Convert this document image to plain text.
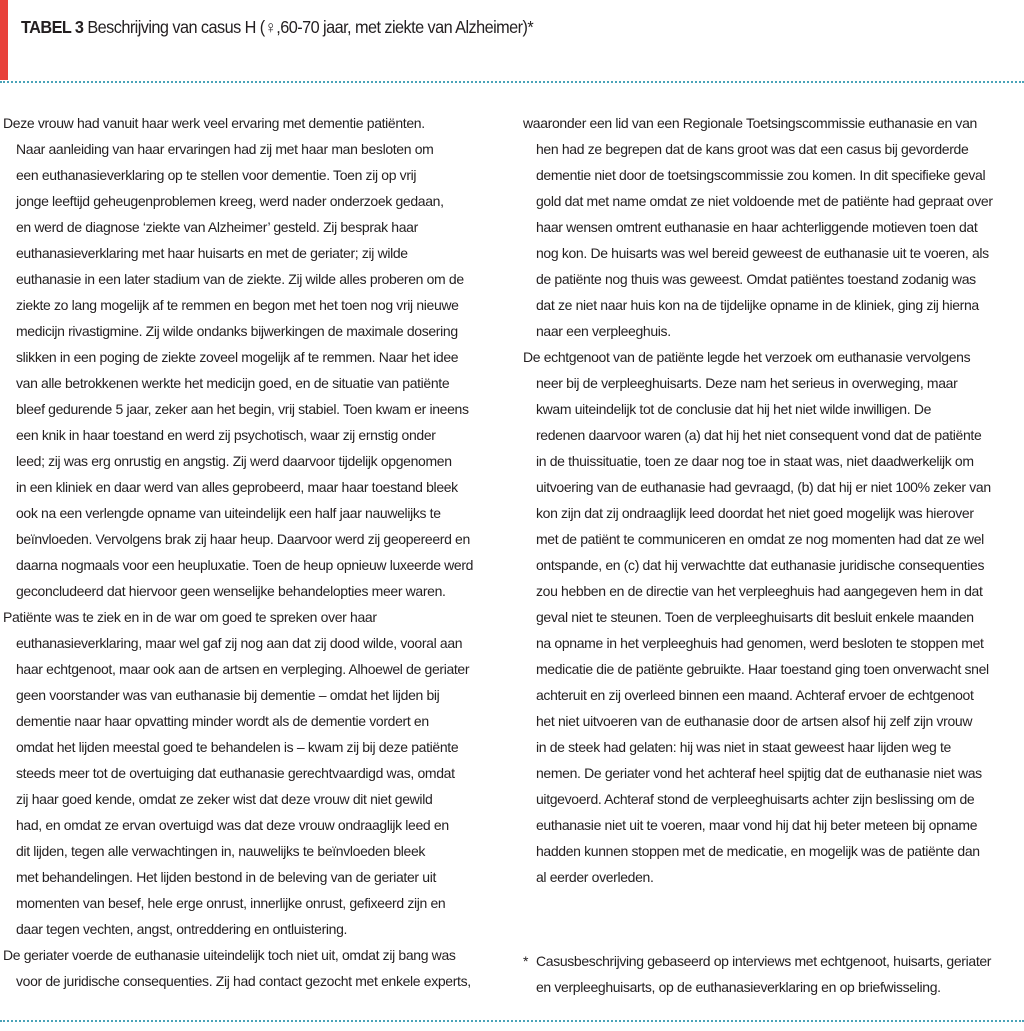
TABEL 3 Beschrijving van casus H (♀,60-70 jaar, met ziekte van Alzheimer)*
Deze vrouw had vanuit haar werk veel ervaring met dementie patiënten.
Naar aanleiding van haar ervaringen had zij met haar man besloten om
een euthanasieverklaring op te stellen voor dementie. Toen zij op vrij
jonge leeftijd geheugenproblemen kreeg, werd nader onderzoek gedaan,
en werd de diagnose ‘ziekte van Alzheimer’ gesteld. Zij besprak haar
euthanasieverklaring met haar huisarts en met de geriater; zij wilde
euthanasie in een later stadium van de ziekte. Zij wilde alles proberen om de
ziekte zo lang mogelijk af te remmen en begon met het toen nog vrij nieuwe
medicijn rivastigmine. Zij wilde ondanks bijwerkingen de maximale dosering
slikken in een poging de ziekte zoveel mogelijk af te remmen. Naar het idee
van alle betrokkenen werkte het medicijn goed, en de situatie van patiënte
bleef gedurende 5 jaar, zeker aan het begin, vrij stabiel. Toen kwam er ineens
een knik in haar toestand en werd zij psychotisch, waar zij ernstig onder
leed; zij was erg onrustig en angstig. Zij werd daarvoor tijdelijk opgenomen
in een kliniek en daar werd van alles geprobeerd, maar haar toestand bleek
ook na een verlengde opname van uiteindelijk een half jaar nauwelijks te
beïnvloeden. Vervolgens brak zij haar heup. Daarvoor werd zij geopereerd en
daarna nogmaals voor een heupluxatie. Toen de heup opnieuw luxeerde werd
geconcludeerd dat hiervoor geen wenselijke behandelopties meer waren.
Patiënte was te ziek en in de war om goed te spreken over haar
euthanasieverklaring, maar wel gaf zij nog aan dat zij dood wilde, vooral aan
haar echtgenoot, maar ook aan de artsen en verpleging. Alhoewel de geriater
geen voorstander was van euthanasie bij dementie – omdat het lijden bij
dementie naar haar opvatting minder wordt als de dementie vordert en
omdat het lijden meestal goed te behandelen is – kwam zij bij deze patiënte
steeds meer tot de overtuiging dat euthanasie gerechtvaardigd was, omdat
zij haar goed kende, omdat ze zeker wist dat deze vrouw dit niet gewild
had, en omdat ze ervan overtuigd was dat deze vrouw ondraaglijk leed en
dit lijden, tegen alle verwachtingen in, nauwelijks te beïnvloeden bleek
met behandelingen. Het lijden bestond in de beleving van de geriater uit
momenten van besef, hele erge onrust, innerlijke onrust, gefixeerd zijn en
daar tegen vechten, angst, ontreddering en ontluistering.
De geriater voerde de euthanasie uiteindelijk toch niet uit, omdat zij bang was
voor de juridische consequenties. Zij had contact gezocht met enkele experts,
waaronder een lid van een Regionale Toetsingscommissie euthanasie en van
hen had ze begrepen dat de kans groot was dat een casus bij gevorderde
dementie niet door de toetsingscommissie zou komen. In dit specifieke geval
gold dat met name omdat ze niet voldoende met de patiënte had gepraat over
haar wensen omtrent euthanasie en haar achterliggende motieven toen dat
nog kon. De huisarts was wel bereid geweest de euthanasie uit te voeren, als
de patiënte nog thuis was geweest. Omdat patiëntes toestand zodanig was
dat ze niet naar huis kon na de tijdelijke opname in de kliniek, ging zij hierna
naar een verpleeghuis.
De echtgenoot van de patiënte legde het verzoek om euthanasie vervolgens
neer bij de verpleeghuisarts. Deze nam het serieus in overweging, maar
kwam uiteindelijk tot de conclusie dat hij het niet wilde inwilligen. De
redenen daarvoor waren (a) dat hij het niet consequent vond dat de patiënte
in de thuissituatie, toen ze daar nog toe in staat was, niet daadwerkelijk om
uitvoering van de euthanasie had gevraagd, (b) dat hij er niet 100% zeker van
kon zijn dat zij ondraaglijk leed doordat het niet goed mogelijk was hierover
met de patiënt te communiceren en omdat ze nog momenten had dat ze wel
ontspande, en (c) dat hij verwachtte dat euthanasie juridische consequenties
zou hebben en de directie van het verpleeghuis had aangegeven hem in dat
geval niet te steunen. Toen de verpleeghuisarts dit besluit enkele maanden
na opname in het verpleeghuis had genomen, werd besloten te stoppen met
medicatie die de patiënte gebruikte. Haar toestand ging toen onverwacht snel
achteruit en zij overleed binnen een maand. Achteraf ervoer de echtgenoot
het niet uitvoeren van de euthanasie door de artsen alsof hij zelf zijn vrouw
in de steek had gelaten: hij was niet in staat geweest haar lijden weg te
nemen. De geriater vond het achteraf heel spijtig dat de euthanasie niet was
uitgevoerd. Achteraf stond de verpleeghuisarts achter zijn beslissing om de
euthanasie niet uit te voeren, maar vond hij dat hij beter meteen bij opname
hadden kunnen stoppen met de medicatie, en mogelijk was de patiënte dan
al eerder overleden.
* Casusbeschrijving gebaseerd op interviews met echtgenoot, huisarts, geriater
en verpleeghuisarts, op de euthanasieverklaring en op briefwisseling.
